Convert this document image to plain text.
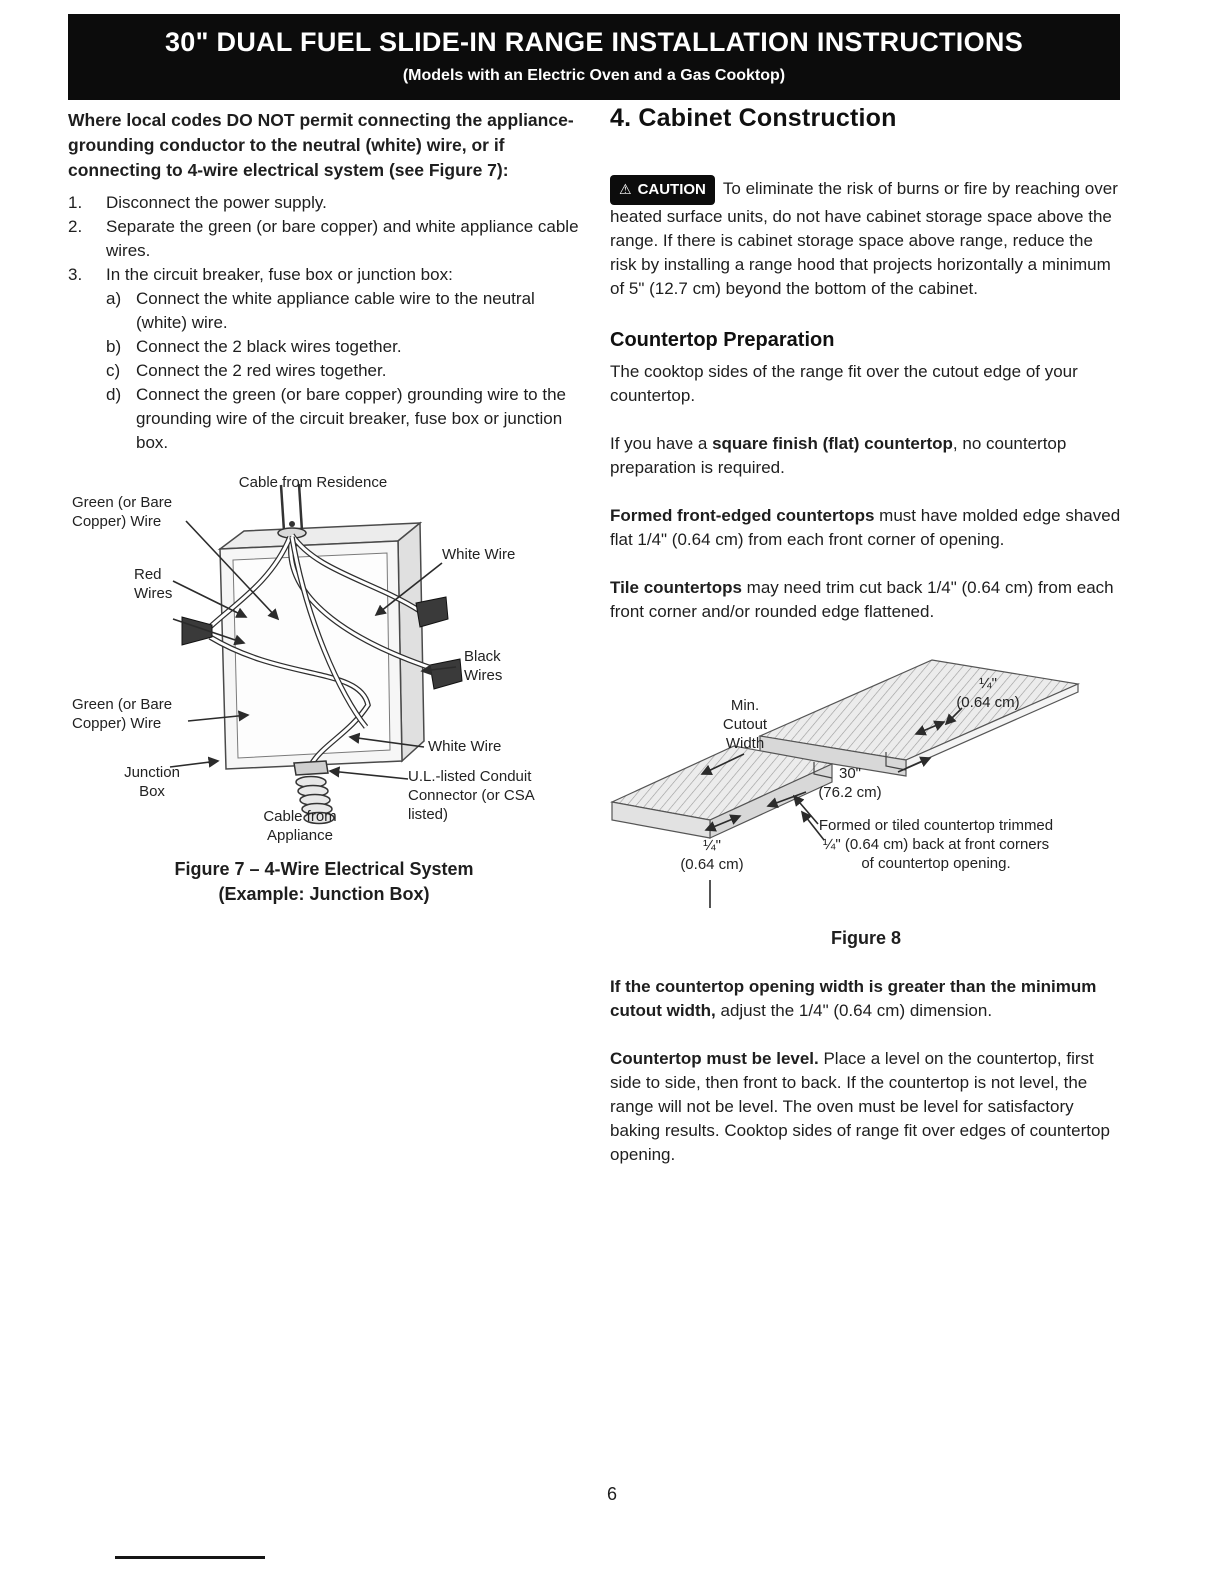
30" DUAL FUEL SLIDE-IN RANGE INSTALLATION INSTRUCTIONS
(Models with an Electric Oven and a Gas Cooktop)

Where local codes DO NOT permit connecting the appliance-grounding conductor to the neutral (white) wire, or if connecting to 4-wire electrical system (see Figure 7):

1.	Disconnect the power supply.
2.	Separate the green (or bare copper) and white appliance cable wires.
3.	In the circuit breaker, fuse box or junction box:
a) Connect the white appliance cable wire to the neutral (white) wire.
b) Connect the 2 black wires together.
c) Connect the 2 red wires together.
d) Connect the green (or bare copper) grounding wire to the grounding wire of the circuit breaker, fuse box or junction box.
Cable from Residence
Green (or Bare Copper) Wire
Red Wires
White Wire
Black Wires
Green (or Bare Copper) Wire
Junction Box
White Wire
U.L.-listed Conduit Connector (or CSA listed)
Cable from Appliance
Figure 7 – 4-Wire Electrical System
(Example: Junction Box)
4. Cabinet Construction

⚠ CAUTION To eliminate the risk of burns or fire by reaching over heated surface units, do not have cabinet storage space above the range. If there is cabinet storage space above range, reduce the risk by installing a range hood that projects horizontally a minimum of 5" (12.7 cm) beyond the bottom of the cabinet.

Countertop Preparation

The cooktop sides of the range fit over the cutout edge of your countertop.

If you have a square finish (flat) countertop, no countertop preparation is required.

Formed front-edged countertops must have molded edge shaved flat 1/4" (0.64 cm) from each front corner of opening.

Tile countertops may need trim cut back 1/4" (0.64 cm) from each front corner and/or rounded edge flattened.

¼"
(0.64 cm)
Min. Cutout Width
30"
(76.2 cm)
¼"
(0.64 cm)
Formed or tiled countertop trimmed ¼" (0.64 cm) back at front corners of countertop opening.
Figure 8

If the countertop opening width is greater than the minimum cutout width, adjust the 1/4" (0.64 cm) dimension.

Countertop must be level. Place a level on the countertop, first side to side, then front to back. If the countertop is not level, the range will not be level. The oven must be level for satisfactory baking results. Cooktop sides of range fit over edges of countertop opening.

6
